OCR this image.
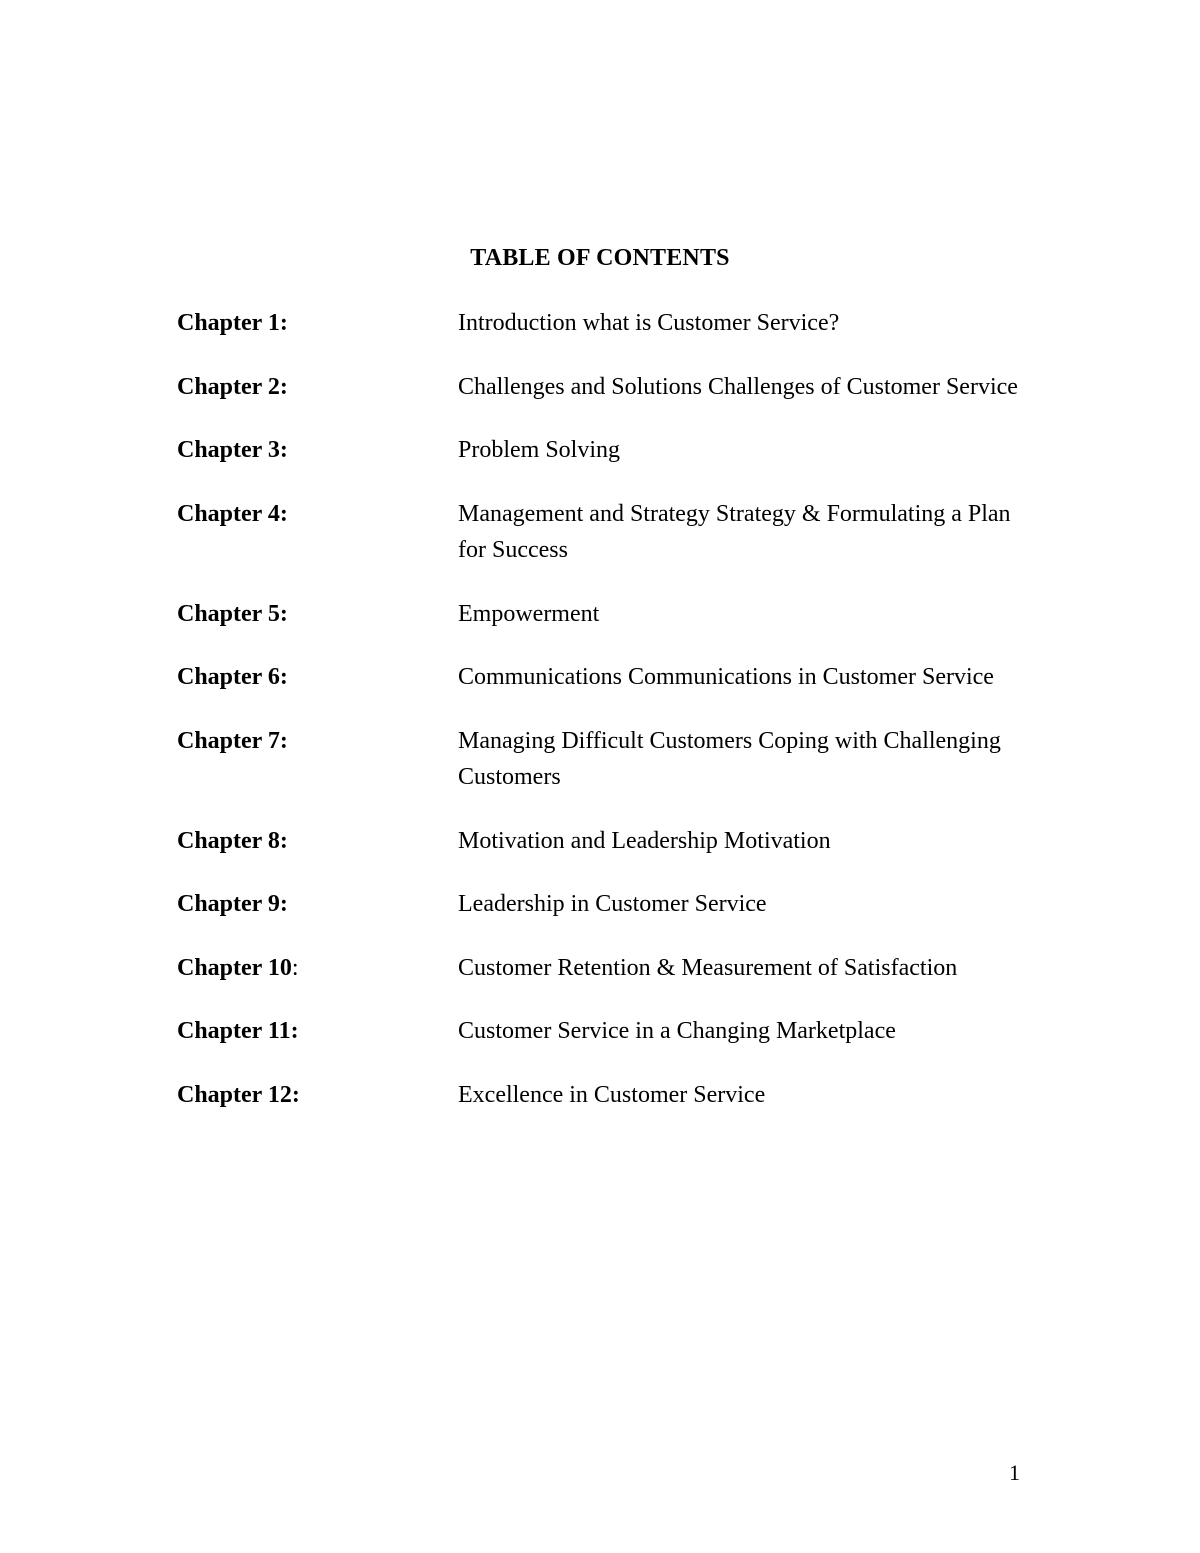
TABLE OF CONTENTS
Chapter 1:	Introduction what is Customer Service?
Chapter 2:	Challenges and Solutions Challenges of Customer Service
Chapter 3:	Problem Solving
Chapter 4:	Management and Strategy Strategy & Formulating a Plan for Success
Chapter 5:	Empowerment
Chapter 6:	Communications Communications in Customer Service
Chapter 7:	Managing Difficult Customers Coping with Challenging Customers
Chapter 8:	Motivation and Leadership Motivation
Chapter 9:	Leadership in Customer Service
Chapter 10:	Customer Retention & Measurement of Satisfaction
Chapter 11:	Customer Service in a Changing Marketplace
Chapter 12:	Excellence in Customer Service
1
